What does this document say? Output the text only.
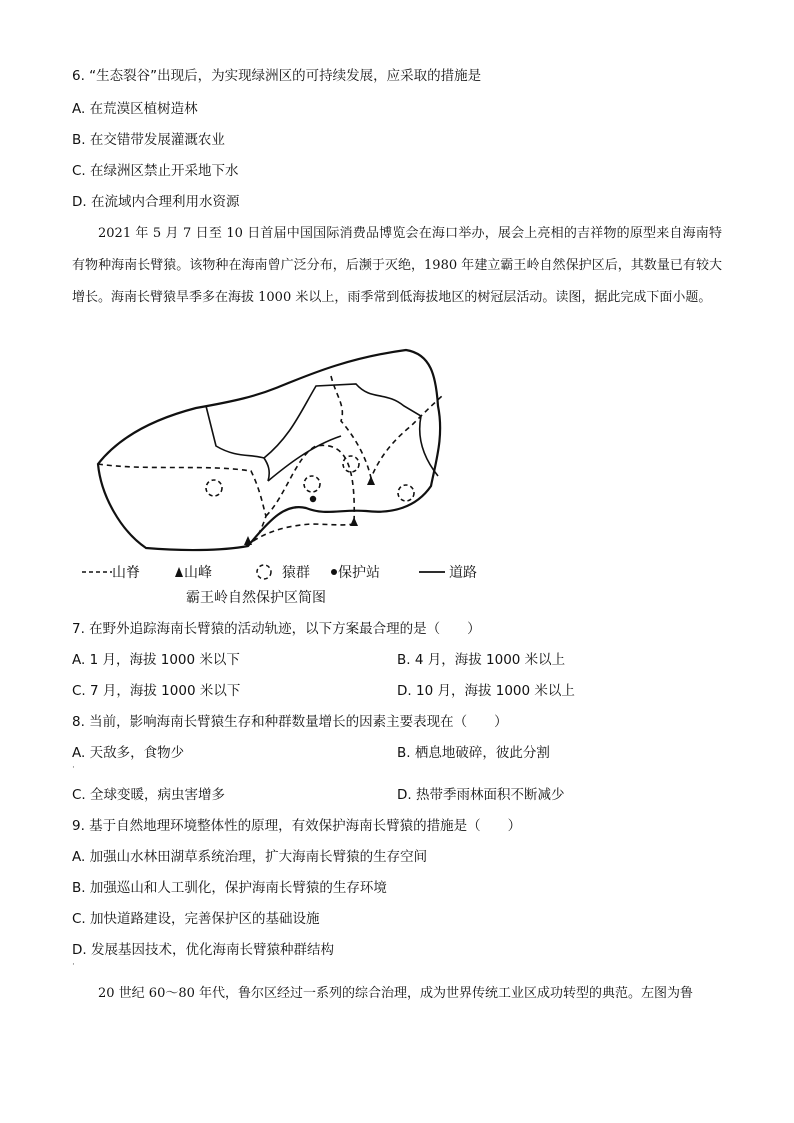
6. “生态裂谷”出现后，为实现绿洲区的可持续发展，应采取的措施是
A. 在荒漠区植树造林
B. 在交错带发展灌溉农业
C. 在绿洲区禁止开采地下水
D. 在流域内合理利用水资源

2021 年 5 月 7 日至 10 日首届中国国际消费品博览会在海口举办，展会上亮相的吉祥物的原型来自海南特有物种海南长臂猿。该物种在海南曾广泛分布，后濒于灭绝，1980 年建立霸王岭自然保护区后，其数量已有较大增长。海南长臂猿旱季多在海拔 1000 米以上，雨季常到低海拔地区的树冠层活动。读图，据此完成下面小题。

山脊	山峰	猿群 保护站	道路
霸王岭自然保护区简图
7. 在野外追踪海南长臂猿的活动轨迹，以下方案最合理的是（　　）
A. 1 月，海拔 1000 米以下	B. 4 月，海拔 1000 米以上
C. 7 月，海拔 1000 米以下	D. 10 月，海拔 1000 米以上
8. 当前，影响海南长臂猿生存和种群数量增长的因素主要表现在（　　）
A. 天敌多，食物少	B. 栖息地破碎，彼此分割
·
C. 全球变暖，病虫害增多	D. 热带季雨林面积不断减少
9. 基于自然地理环境整体性的原理，有效保护海南长臂猿的措施是（　　）
A. 加强山水林田湖草系统治理，扩大海南长臂猿的生存空间
B. 加强巡山和人工驯化，保护海南长臂猿的生存环境
C. 加快道路建设，完善保护区的基础设施
D. 发展基因技术，优化海南长臂猿种群结构
·
20 世纪 60～80 年代，鲁尔区经过一系列的综合治理，成为世界传统工业区成功转型的典范。左图为鲁
